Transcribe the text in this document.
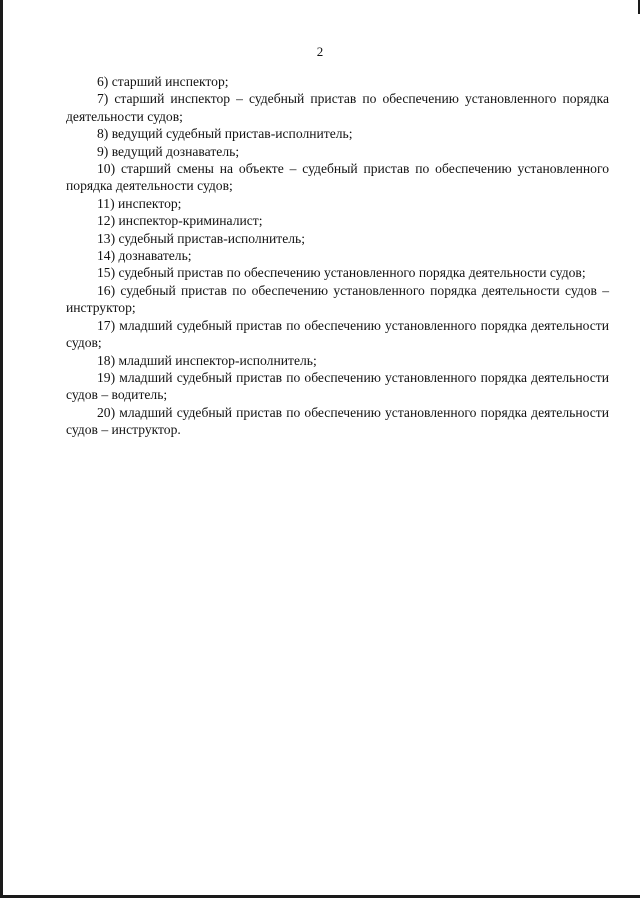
2

6) старший инспектор;

7) старший инспектор – судебный пристав по обеспечению установленного порядка деятельности судов;

8) ведущий судебный пристав-исполнитель;

9) ведущий дознаватель;

10) старший смены на объекте – судебный пристав по обеспечению установленного порядка деятельности судов;

11) инспектор;

12) инспектор-криминалист;

13) судебный пристав-исполнитель;

14) дознаватель;

15) судебный пристав по обеспечению установленного порядка деятельности судов;

16) судебный пристав по обеспечению установленного порядка деятельности судов – инструктор;

17) младший судебный пристав по обеспечению установленного порядка деятельности судов;

18) младший инспектор-исполнитель;

19) младший судебный пристав по обеспечению установленного порядка деятельности судов – водитель;

20) младший судебный пристав по обеспечению установленного порядка деятельности судов – инструктор.
